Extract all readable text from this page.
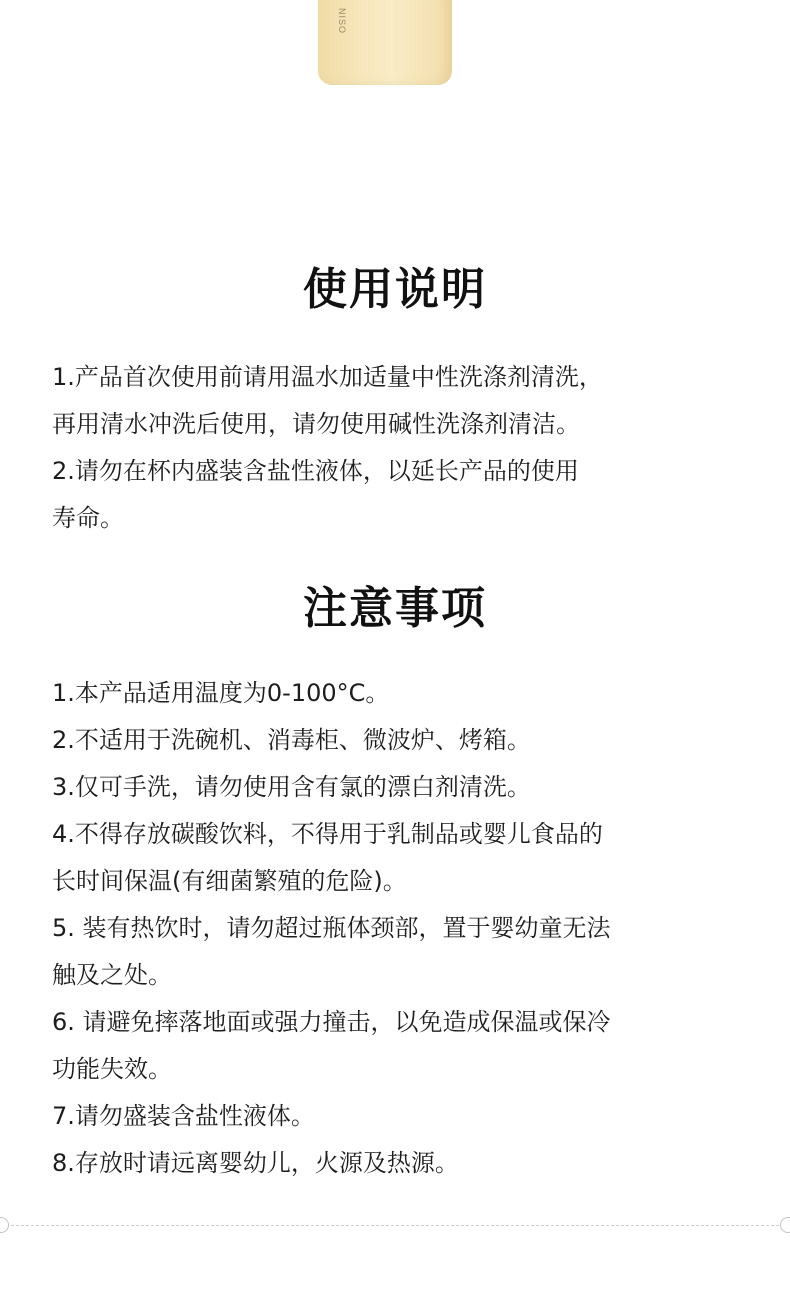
NISO
使用说明
1.产品首次使用前请用温水加适量中性洗涤剂清洗，
再用清水冲洗后使用，请勿使用碱性洗涤剂清洁。
2.请勿在杯内盛装含盐性液体，以延长产品的使用
寿命。
注意事项
1.本产品适用温度为0-100°C。
2.不适用于洗碗机、消毒柜、微波炉、烤箱。
3.仅可手洗，请勿使用含有氯的漂白剂清洗。
4.不得存放碳酸饮料，不得用于乳制品或婴儿食品的
长时间保温(有细菌繁殖的危险)。
5. 装有热饮时，请勿超过瓶体颈部，置于婴幼童无法
触及之处。
6. 请避免摔落地面或强力撞击，以免造成保温或保冷
功能失效。
7.请勿盛装含盐性液体。
8.存放时请远离婴幼儿，火源及热源。
